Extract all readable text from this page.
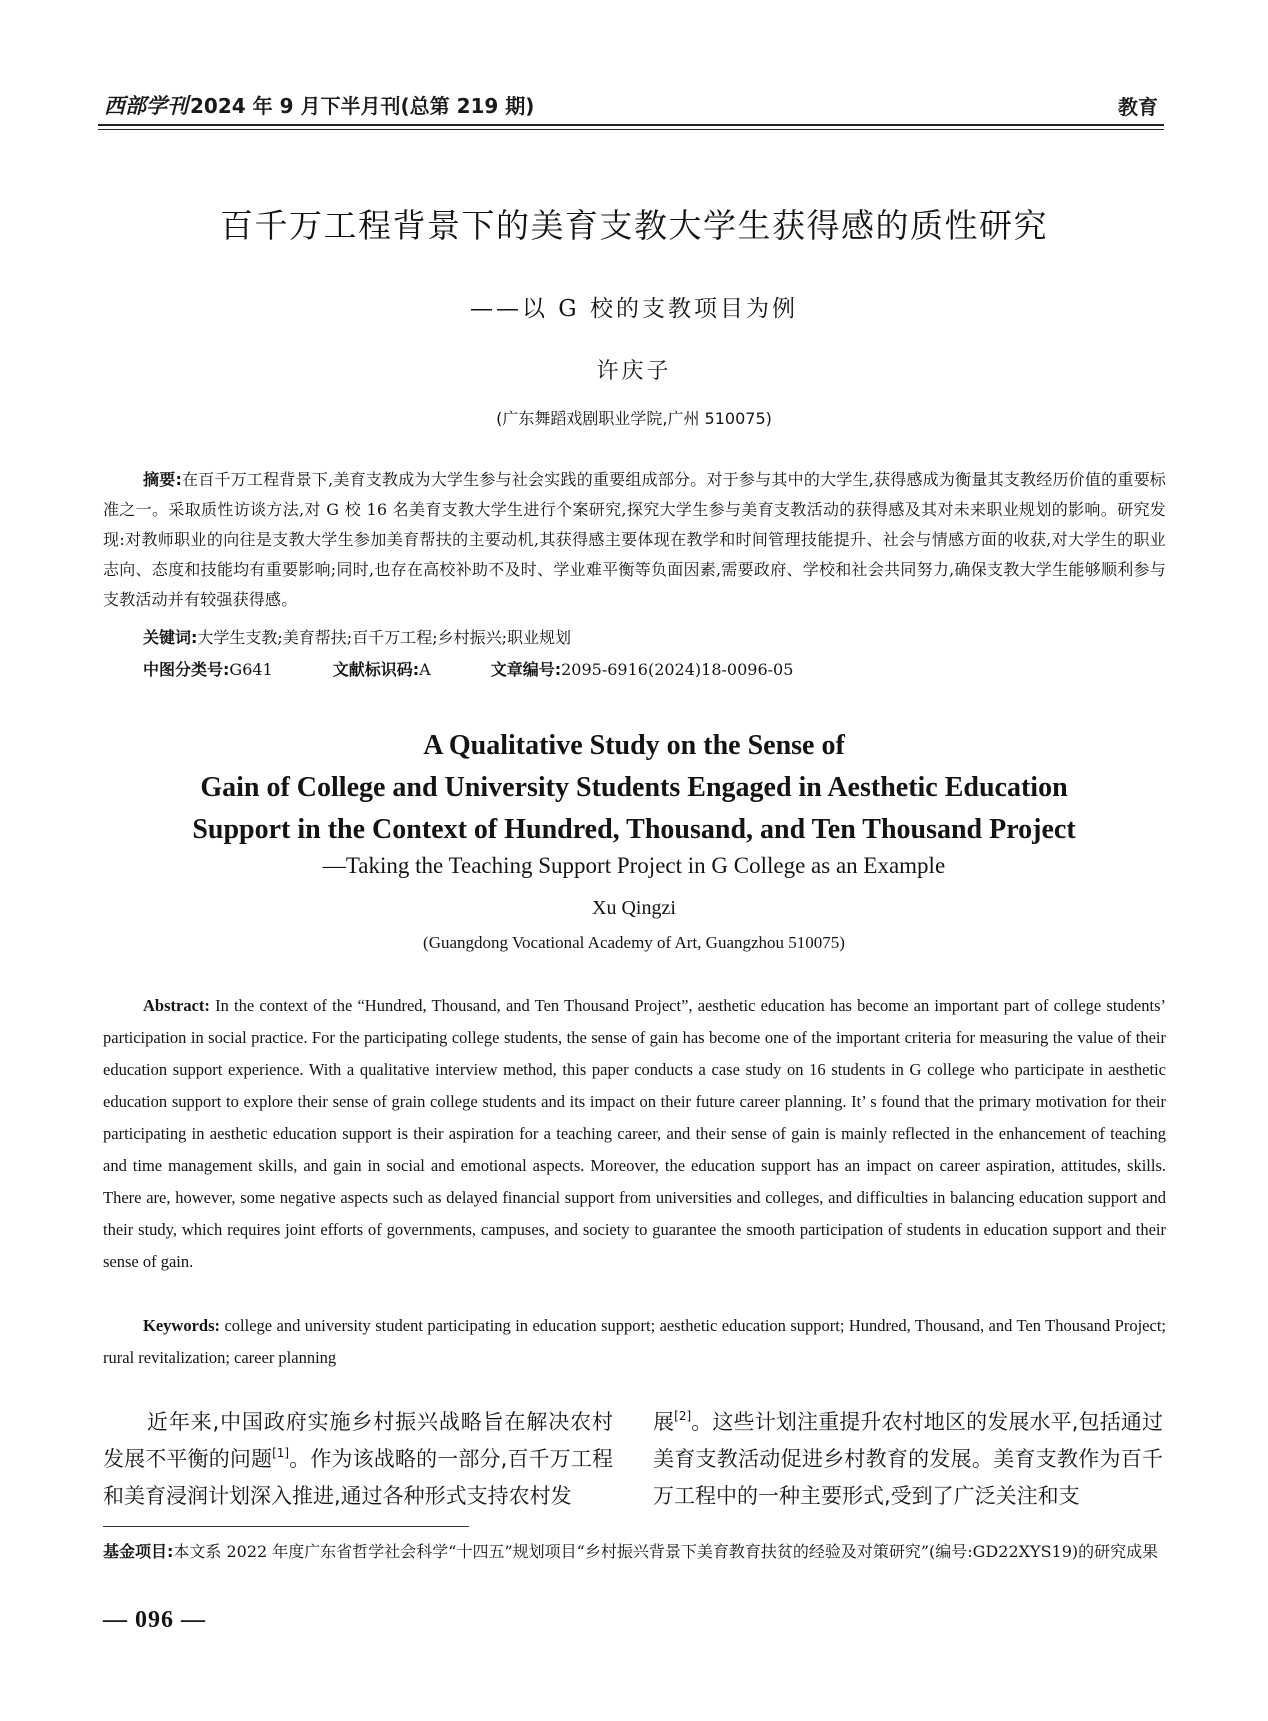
西部学刊 2024 年 9 月下半月刊(总第 219 期)	教育
百千万工程背景下的美育支教大学生获得感的质性研究
——以 G 校的支教项目为例
许庆子
(广东舞蹈戏剧职业学院,广州 510075)
摘要:在百千万工程背景下,美育支教成为大学生参与社会实践的重要组成部分。对于参与其中的大学生,获得感成为衡量其支教经历价值的重要标准之一。采取质性访谈方法,对 G 校 16 名美育支教大学生进行个案研究,探究大学生参与美育支教活动的获得感及其对未来职业规划的影响。研究发现:对教师职业的向往是支教大学生参加美育帮扶的主要动机,其获得感主要体现在教学和时间管理技能提升、社会与情感方面的收获,对大学生的职业志向、态度和技能均有重要影响;同时,也存在高校补助不及时、学业难平衡等负面因素,需要政府、学校和社会共同努力,确保支教大学生能够顺利参与支教活动并有较强获得感。
关键词:大学生支教;美育帮扶;百千万工程;乡村振兴;职业规划
中图分类号:G641	文献标识码:A	文章编号:2095-6916(2024)18-0096-05
A Qualitative Study on the Sense of
Gain of College and University Students Engaged in Aesthetic Education
Support in the Context of Hundred, Thousand, and Ten Thousand Project
—Taking the Teaching Support Project in G College as an Example
Xu Qingzi
(Guangdong Vocational Academy of Art, Guangzhou 510075)
Abstract: In the context of the “Hundred, Thousand, and Ten Thousand Project”, aesthetic education has become an important part of college students’ participation in social practice. For the participating college students, the sense of gain has become one of the important criteria for measuring the value of their education support experience. With a qualitative interview method, this paper conducts a case study on 16 students in G college who participate in aesthetic education support to explore their sense of grain college students and its impact on their future career planning. It’ s found that the primary motivation for their participating in aesthetic education support is their aspiration for a teaching career, and their sense of gain is mainly reflected in the enhancement of teaching and time management skills, and gain in social and emotional aspects. Moreover, the education support has an impact on career aspiration, attitudes, skills. There are, however, some negative aspects such as delayed financial support from universities and colleges, and difficulties in balancing education support and their study, which requires joint efforts of governments, campuses, and society to guarantee the smooth participation of students in education support and their sense of gain.
Keywords: college and university student participating in education support; aesthetic education support; Hundred, Thousand, and Ten Thousand Project; rural revitalization; career planning
近年来,中国政府实施乡村振兴战略旨在解决农村发展不平衡的问题[1]。作为该战略的一部分,百千万工程和美育浸润计划深入推进,通过各种形式支持农村发
展[2]。这些计划注重提升农村地区的发展水平,包括通过美育支教活动促进乡村教育的发展。美育支教作为百千万工程中的一种主要形式,受到了广泛关注和支
基金项目:本文系 2022 年度广东省哲学社会科学“十四五”规划项目“乡村振兴背景下美育教育扶贫的经验及对策研究”(编号:GD22XYS19)的研究成果
— 096 —
